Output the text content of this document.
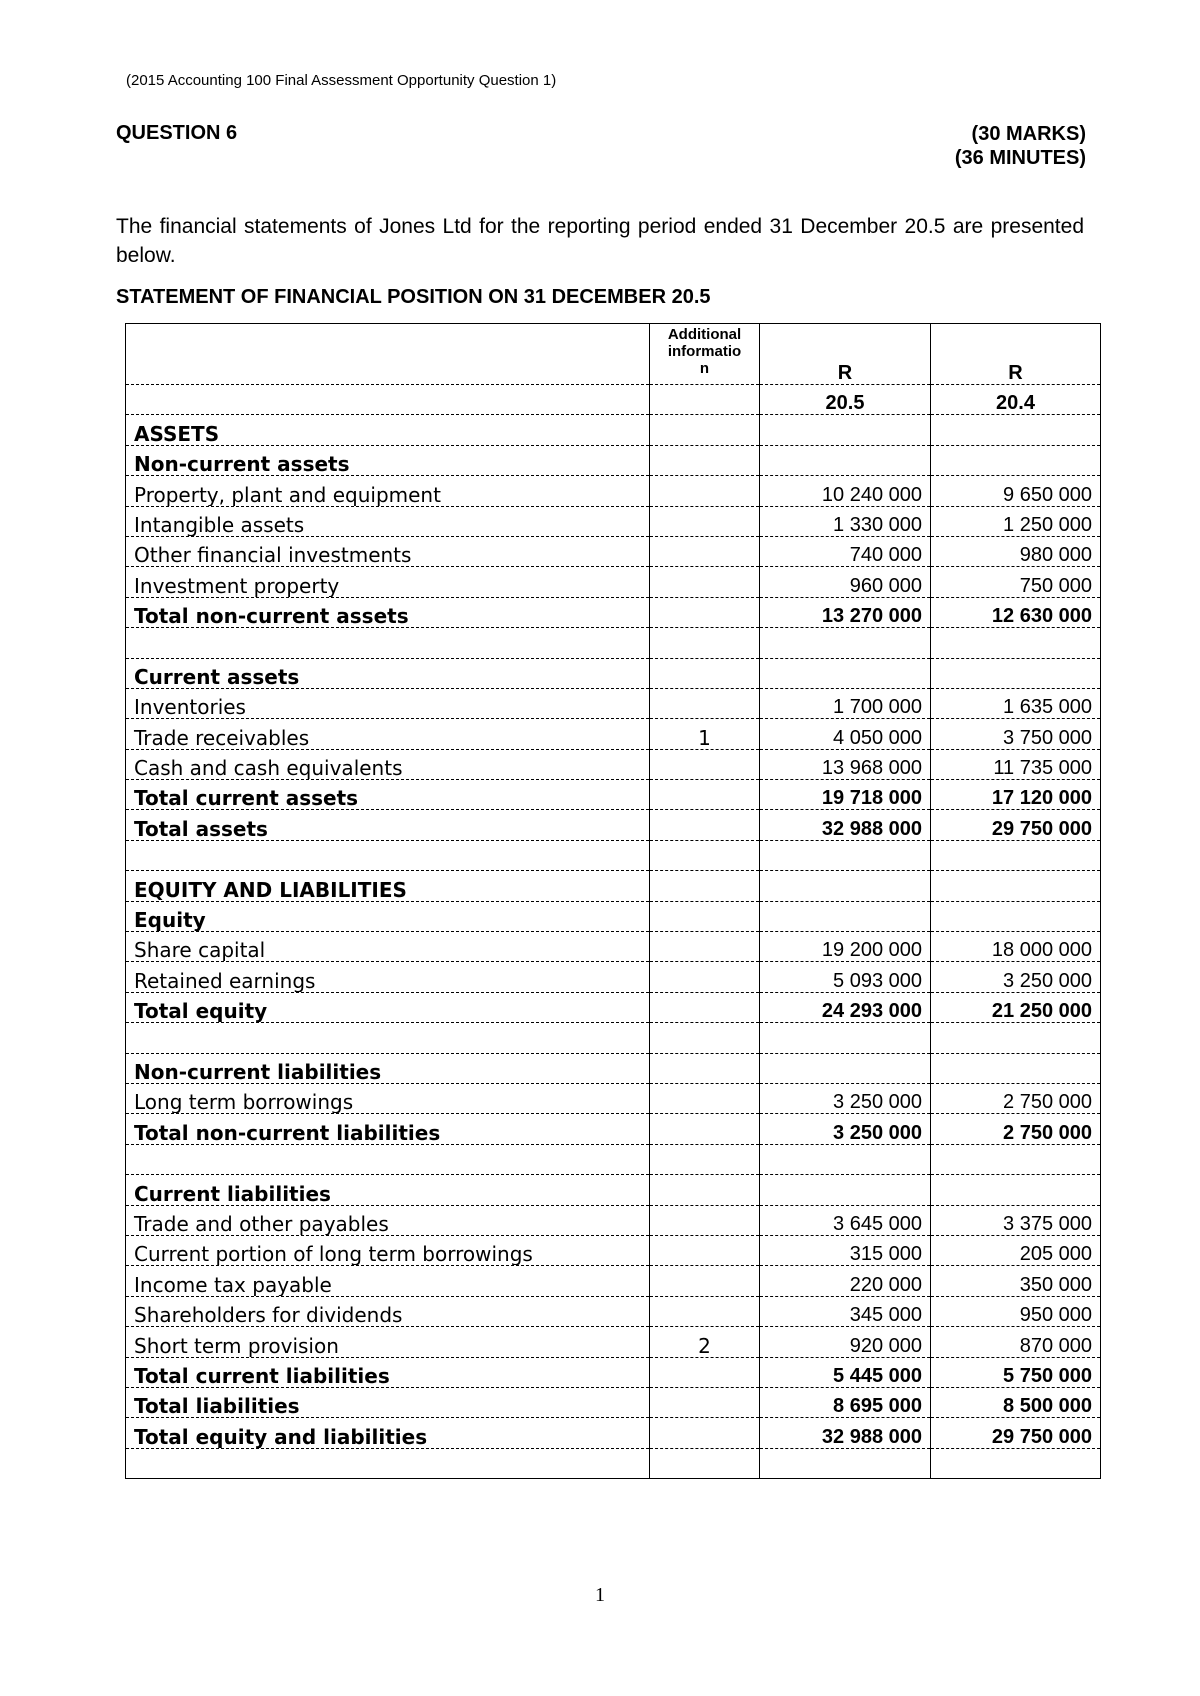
(2015 Accounting 100 Final Assessment Opportunity Question 1)
QUESTION 6	(30 MARKS)
(36 MINUTES)
The financial statements of Jones Ltd for the reporting period ended 31 December 20.5 are presented below.
STATEMENT OF FINANCIAL POSITION ON 31 DECEMBER 20.5
	Additional informatio n	R	R
		20.5	20.4
ASSETS			
Non-current assets			
Property, plant and equipment		10 240 000	9 650 000
Intangible assets		1 330 000	1 250 000
Other financial investments		740 000	980 000
Investment property		960 000	750 000
Total non-current assets		13 270 000	12 630 000

Current assets			
Inventories		1 700 000	1 635 000
Trade receivables	1	4 050 000	3 750 000
Cash and cash equivalents		13 968 000	11 735 000
Total current assets		19 718 000	17 120 000
Total assets		32 988 000	29 750 000

EQUITY AND LIABILITIES			
Equity			
Share capital		19 200 000	18 000 000
Retained earnings		5 093 000	3 250 000
Total equity		24 293 000	21 250 000

Non-current liabilities			
Long term borrowings		3 250 000	2 750 000
Total non-current liabilities		3 250 000	2 750 000

Current liabilities			
Trade and other payables		3 645 000	3 375 000
Current portion of long term borrowings		315 000	205 000
Income tax payable		220 000	350 000
Shareholders for dividends		345 000	950 000
Short term provision	2	920 000	870 000
Total current liabilities		5 445 000	5 750 000
Total liabilities		8 695 000	8 500 000
Total equity and liabilities		32 988 000	29 750 000

1
